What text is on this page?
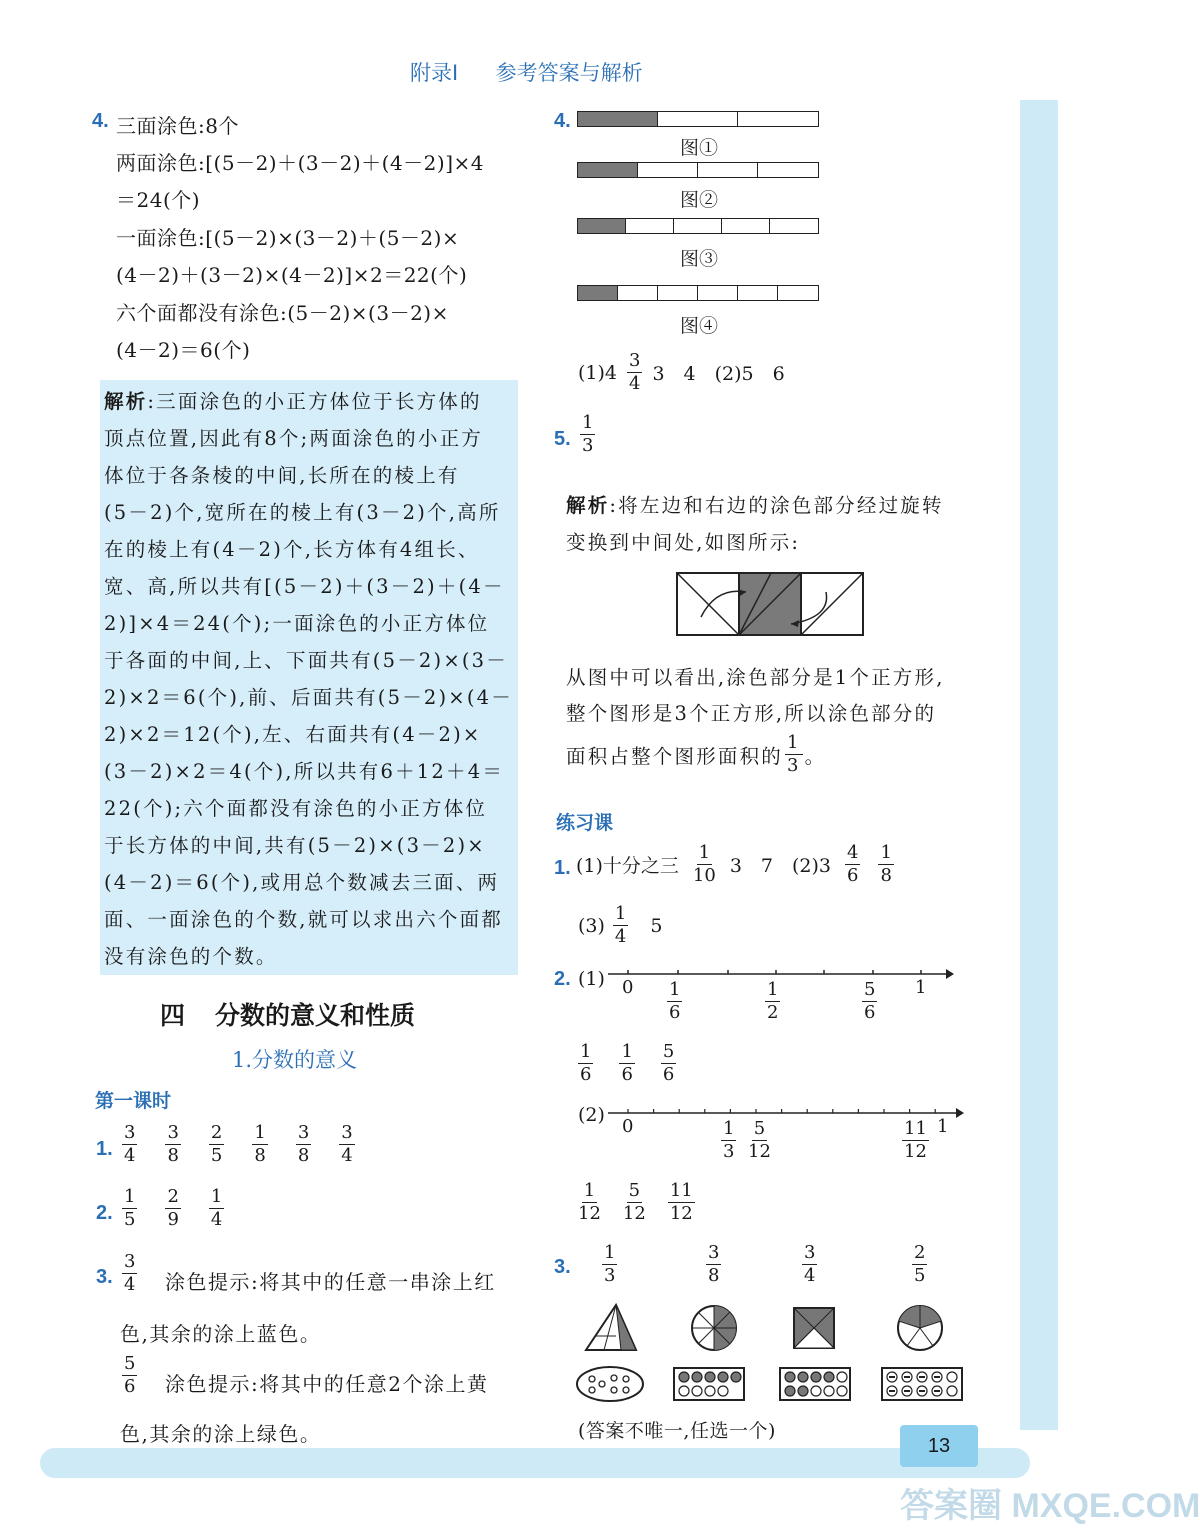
附录Ⅰ 参考答案与解析
4. 三面涂色:8个
两面涂色:[(5－2)＋(3－2)＋(4－2)]×4
＝24(个)
一面涂色:[(5－2)×(3－2)＋(5－2)×
(4－2)＋(3－2)×(4－2)]×2＝22(个)
六个面都没有涂色:(5－2)×(3－2)×
(4－2)＝6(个)
解析:三面涂色的小正方体位于长方体的
顶点位置,因此有8个;两面涂色的小正方
体位于各条棱的中间,长所在的棱上有
(5－2)个,宽所在的棱上有(3－2)个,高所
在的棱上有(4－2)个,长方体有4组长、
宽、高,所以共有[(5－2)＋(3－2)＋(4－
2)]×4＝24(个);一面涂色的小正方体位
于各面的中间,上、下面共有(5－2)×(3－
2)×2＝6(个),前、后面共有(5－2)×(4－
2)×2＝12(个),左、右面共有(4－2)×
(3－2)×2＝4(个),所以共有6＋12＋4＝
22(个);六个面都没有涂色的小正方体位
于长方体的中间,共有(5－2)×(3－2)×
(4－2)＝6(个),或用总个数减去三面、两
面、一面涂色的个数,就可以求出六个面都
没有涂色的个数。
四 分数的意义和性质
1.分数的意义
第一课时
1. $\frac{3}{4} \frac{3}{8} \frac{2}{5} \frac{1}{8} \frac{3}{8} \frac{3}{4}$
2. $\frac{1}{5} \frac{2}{9} \frac{1}{4}$
3. $\frac{3}{4}$ 涂色提示:将其中的任意一串涂上红
色,其余的涂上蓝色。
$\frac{5}{6}$ 涂色提示:将其中的任意2个涂上黄
色,其余的涂上绿色。
4.
图①
图②
图③
图④
$(1)4 \frac{3}{4} 3$　4　(2)5　6
5. $\frac{1}{3}$
解析:将左边和右边的涂色部分经过旋转
变换到中间处,如图所示:
从图中可以看出,涂色部分是1个正方形,
整个图形是3个正方形,所以涂色部分的
面积占整个图形面积的 $\frac{1}{3}$ 。
练习课
1. (1)十分之三 $\frac{1}{10} 3$　7　$(2)3 \frac{4}{6} \frac{1}{8}$
$(3) \frac{1}{4} 5$
2. (1) 0	1
$\frac{1}{6}$	$\frac{1}{2}$	$\frac{5}{6}$
$\frac{1}{6} \frac{1}{6} \frac{5}{6}$
(2)
0	1
$\frac{1}{3} \frac{5}{12}$	$\frac{11}{12}$
$\frac{1}{12} \frac{5}{12} \frac{11}{12}$
3. $\frac{1}{3}$	$\frac{3}{8}$	$\frac{3}{4}$	$\frac{2}{5}$
(答案不唯一,任选一个)
13
答案圈 MXQE.COM
